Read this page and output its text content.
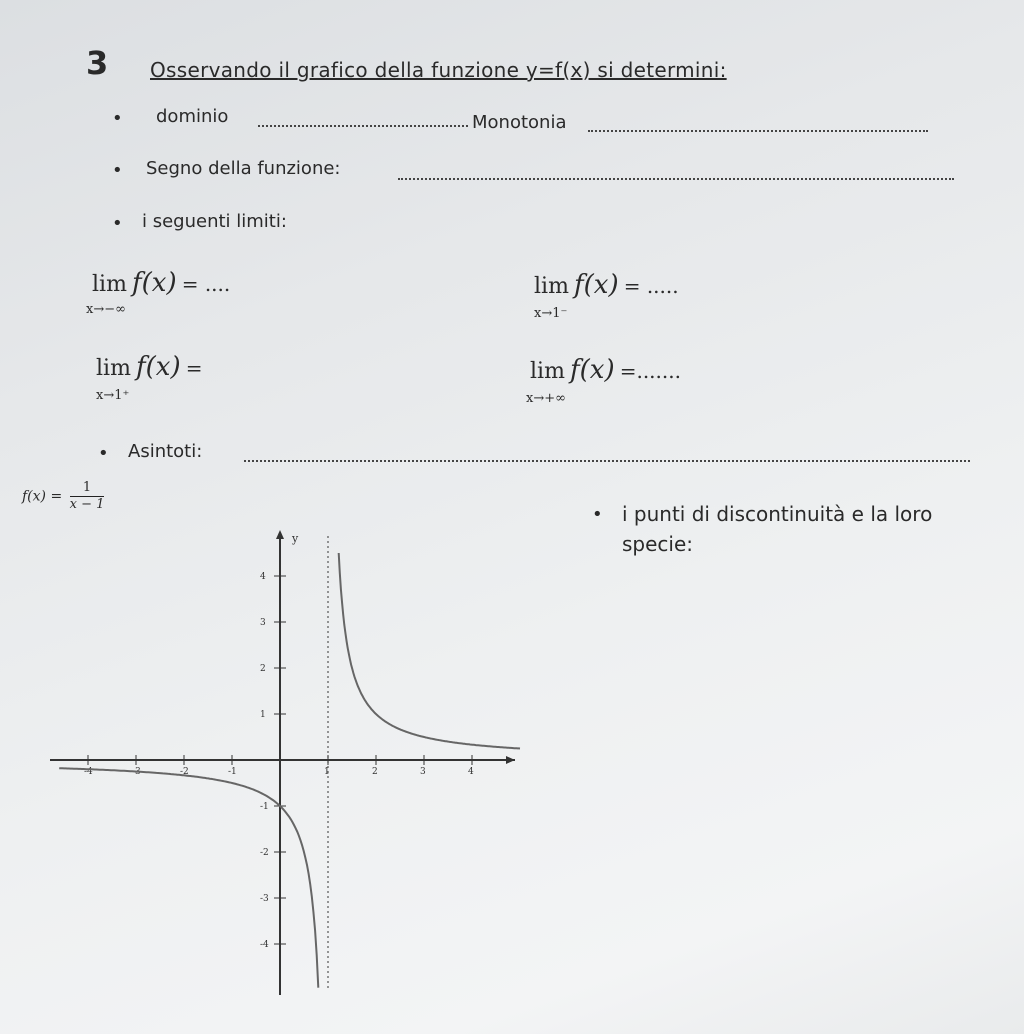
3 Osservando il grafico della funzione y=f(x) si determini:
• dominio	Monotonia
• Segno della funzione:
• i seguenti limiti:
lim f(x) = ....
x→−∞
lim f(x) = .....
x→1⁻
lim f(x) =
x→1⁺
lim f(x) =.......
x→+∞
• Asintoti:
$f(x) = \frac{1}{x - 1}$
• i punti di discontinuità e la loro
specie:
y
-4	-3	-2	-1	1	2	3	4
4
3
2
1
-1
-2
-3
-4
